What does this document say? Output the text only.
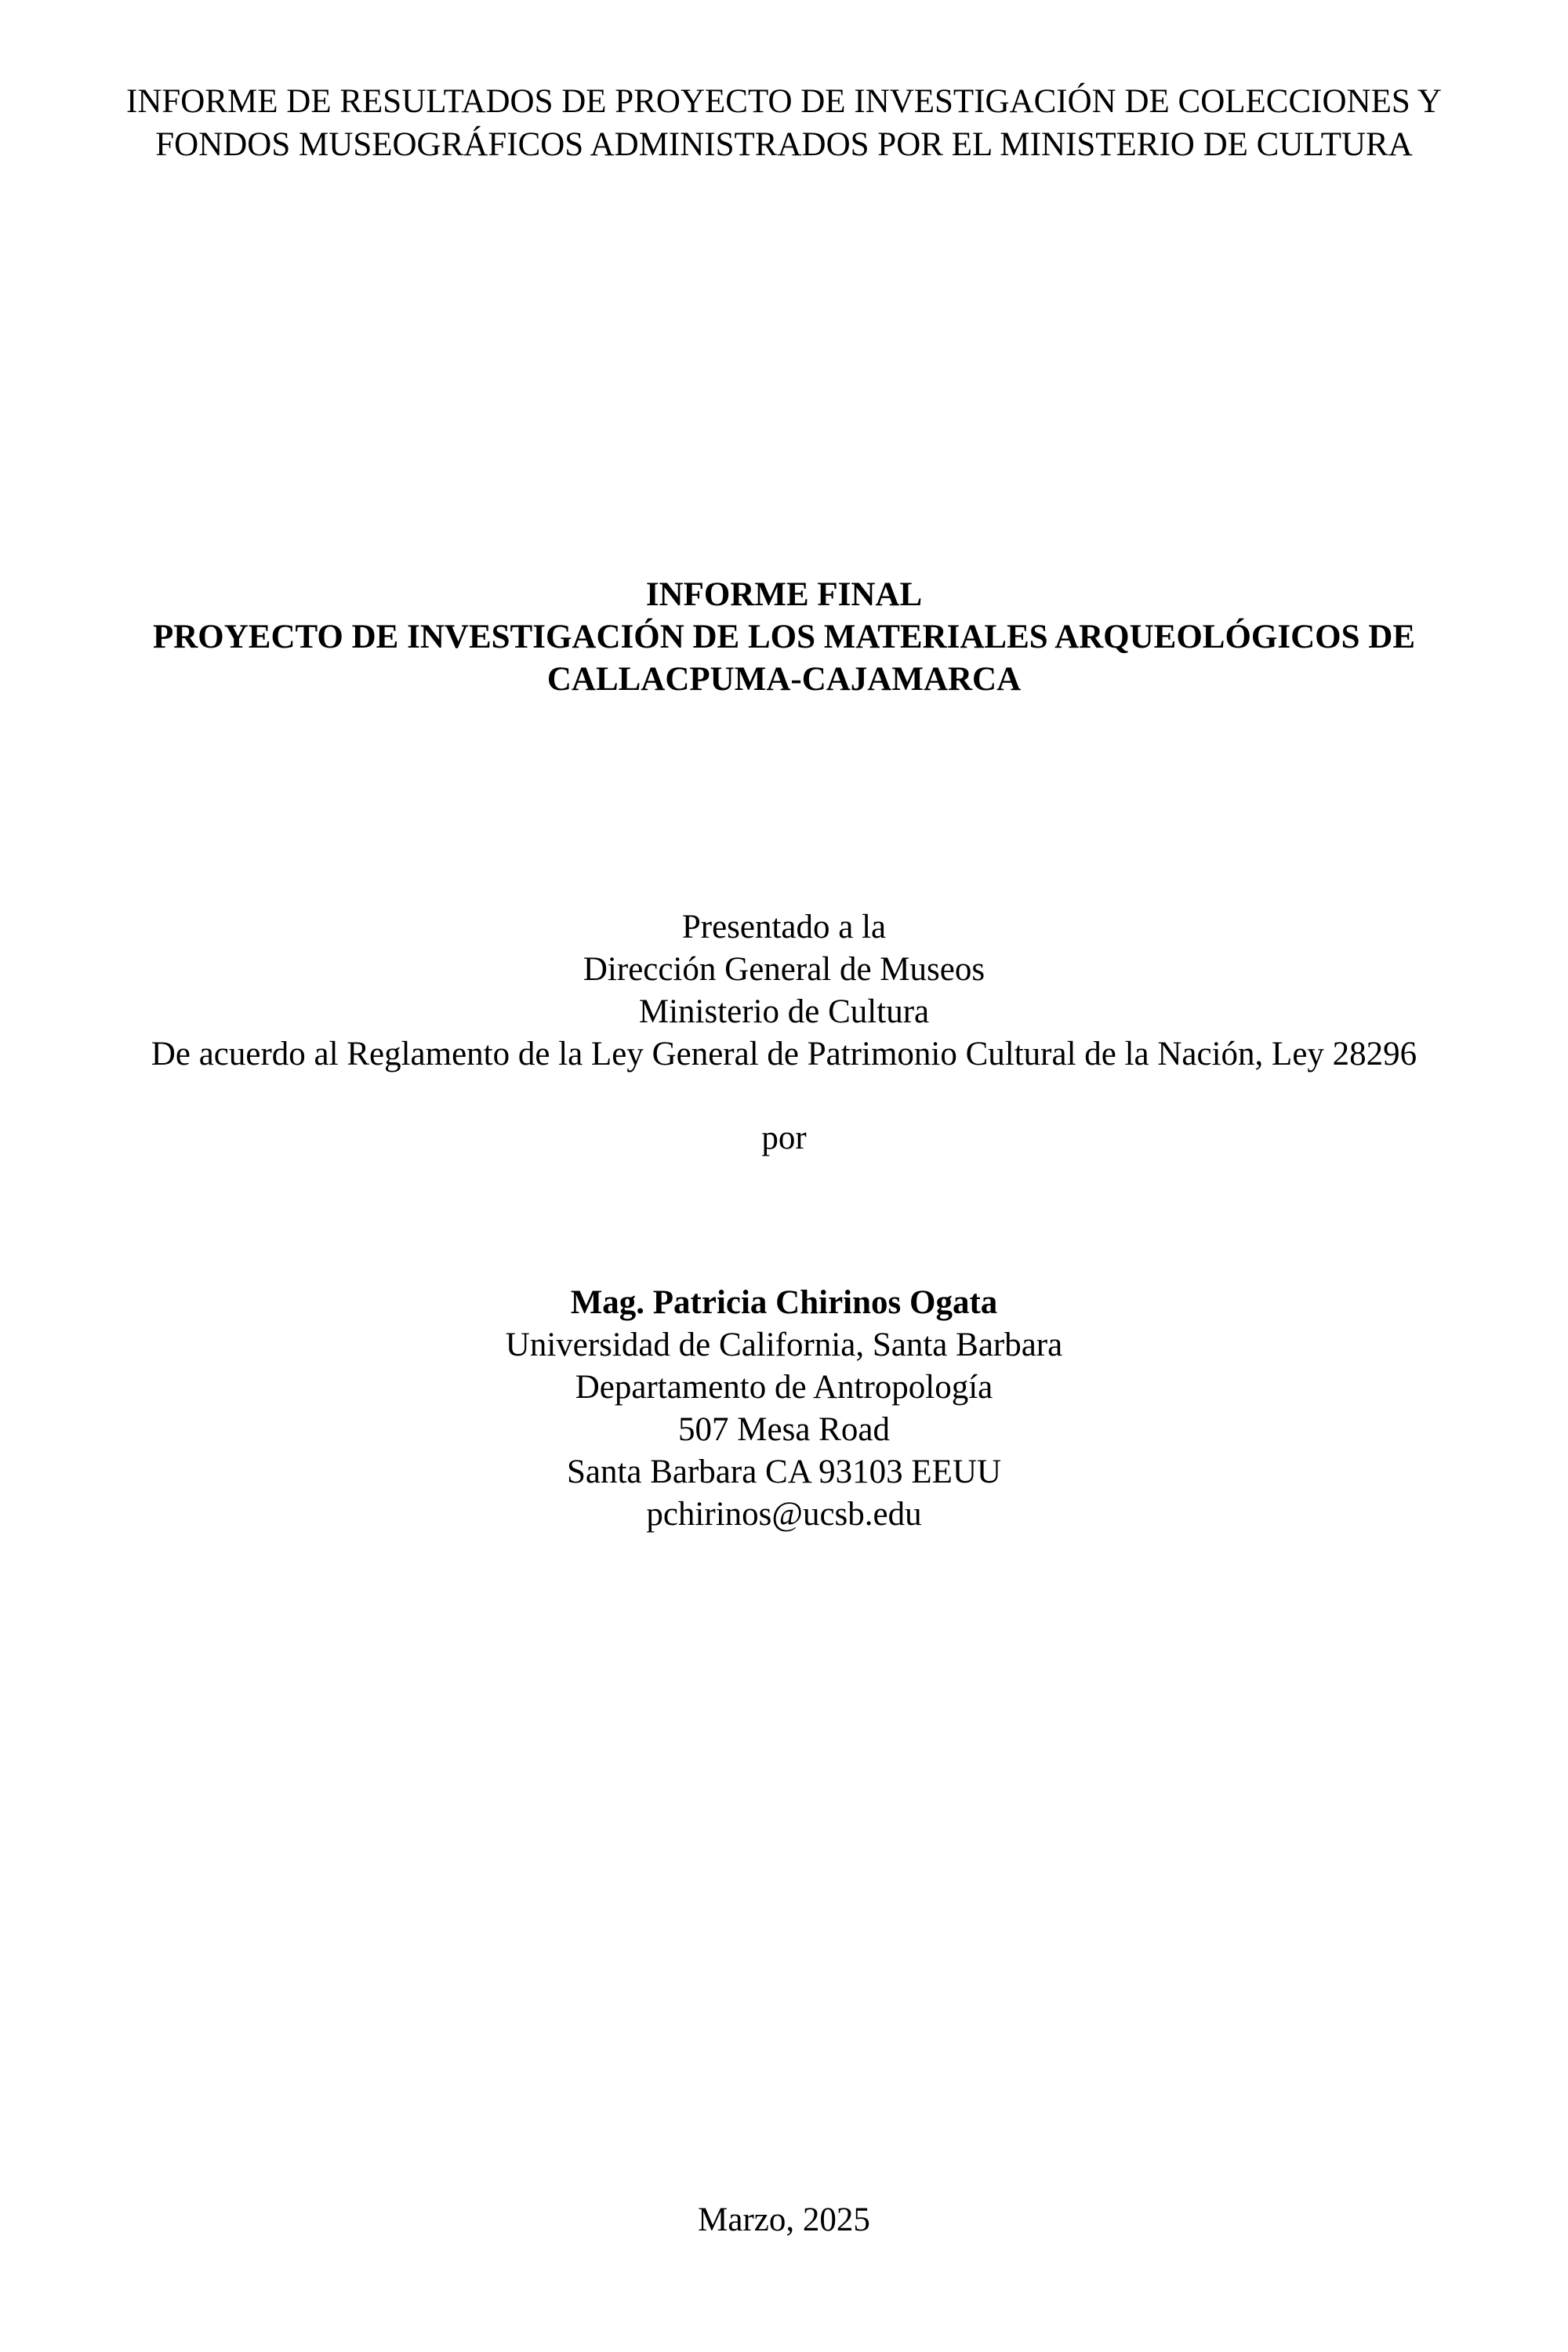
INFORME DE RESULTADOS DE PROYECTO DE INVESTIGACIÓN DE COLECCIONES Y
FONDOS MUSEOGRÁFICOS ADMINISTRADOS POR EL MINISTERIO DE CULTURA
INFORME FINAL
PROYECTO DE INVESTIGACIÓN DE LOS MATERIALES ARQUEOLÓGICOS DE
CALLACPUMA-CAJAMARCA
Presentado a la
Dirección General de Museos
Ministerio de Cultura
De acuerdo al Reglamento de la Ley General de Patrimonio Cultural de la Nación, Ley 28296
por
Mag. Patricia Chirinos Ogata
Universidad de California, Santa Barbara
Departamento de Antropología
507 Mesa Road
Santa Barbara CA 93103 EEUU
pchirinos@ucsb.edu
Marzo, 2025
